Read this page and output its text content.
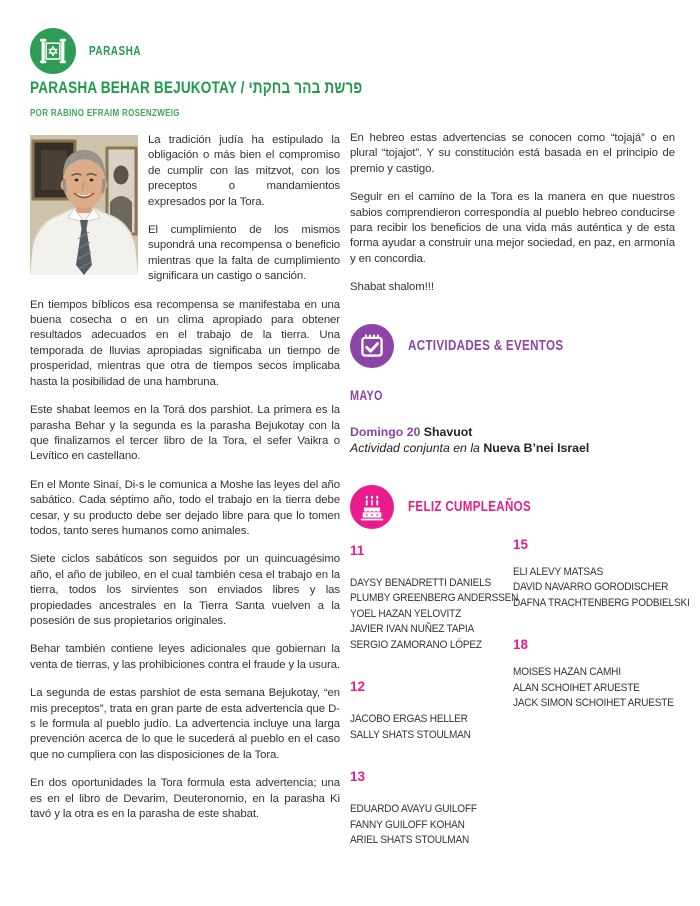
PARASHA
PARASHA BEHAR BEJUKOTAY / פרשת בהר בחקתי
POR RABINO EFRAIM ROSENZWEIG

La tradición judía ha estipulado la obligación o más bien el compromiso de cumplir con las mitzvot, con los preceptos o mandamientos expresados por la Tora.

El cumplimiento de los mismos supondrá una recompensa o beneficio mientras que la falta de cumplimiento significara un castigo o sanción.

En tiempos bíblicos esa recompensa se manifestaba en una buena cosecha o en un clima apropiado para obtener resultados adecuados en el trabajo de la tierra. Una temporada de lluvias apropiadas significaba un tiempo de prosperidad, mientras que otra de tiempos secos implicaba hasta la posibilidad de una hambruna.

Este shabat leemos en la Torá dos parshiot. La primera es la parasha Behar y la segunda es la parasha Bejukotay con la que finalizamos el tercer libro de la Tora, el sefer Vaikra o Levítico en castellano.

En el Monte Sinaí, Di-s le comunica a Moshe las leyes del año sabático. Cada séptimo año, todo el trabajo en la tierra debe cesar, y su producto debe ser dejado libre para que lo tomen todos, tanto seres humanos como animales.

Siete ciclos sabáticos son seguidos por un quincuagésimo año, el año de jubileo, en el cual también cesa el trabajo en la tierra, todos los sirvientes son enviados libres y las propiedades ancestrales en la Tierra Santa vuelven a la posesión de sus propietarios originales.

Behar también contiene leyes adicionales que gobiernan la venta de tierras, y las prohibiciones contra el fraude y la usura.

La segunda de estas parshiot de esta semana Bejukotay, “en mis preceptos”, trata en gran parte de esta advertencia que D-s le formula al pueblo judío. La advertencia incluye una larga prevención acerca de lo que le sucederá al pueblo en el caso que no cumpliera con las disposiciones de la Tora.

En dos oportunidades la Tora formula esta advertencia; una es en el libro de Devarim, Deuteronomio, en la parasha Ki tavó y la otra es en la parasha de este shabat.

En hebreo estas advertencias se conocen como “tojajá” o en plural “tojajot”. Y su constitución está basada en el principio de premio y castigo.

Seguir en el camino de la Tora es la manera en que nuestros sabios comprendieron correspondía al pueblo hebreo conducirse para recibir los beneficios de una vida más auténtica y de esta forma ayudar a construir una mejor sociedad, en paz, en armonía y en concordia.

Shabat shalom!!!

ACTIVIDADES & EVENTOS
MAYO
Domingo 20 Shavuot
Actividad conjunta en la Nueva B’nei Israel
FELIZ CUMPLEAÑOS
11
DAYSY BENADRETTI DANIELS
PLUMBY GREENBERG ANDERSSEN
YOEL HAZAN YELOVITZ
JAVIER IVAN NUÑEZ TAPIA
SERGIO ZAMORANO LÓPEZ
12
JACOBO ERGAS HELLER
SALLY SHATS STOULMAN
13
EDUARDO AVAYU GUILOFF
FANNY GUILOFF KOHAN
ARIEL SHATS STOULMAN
15
ELI ALEVY MATSAS
DAVID NAVARRO GORODISCHER
DAFNA TRACHTENBERG PODBIELSKI
18
MOISES HAZAN CAMHI
ALAN SCHOIHET ARUESTE
JACK SIMON SCHOIHET ARUESTE
